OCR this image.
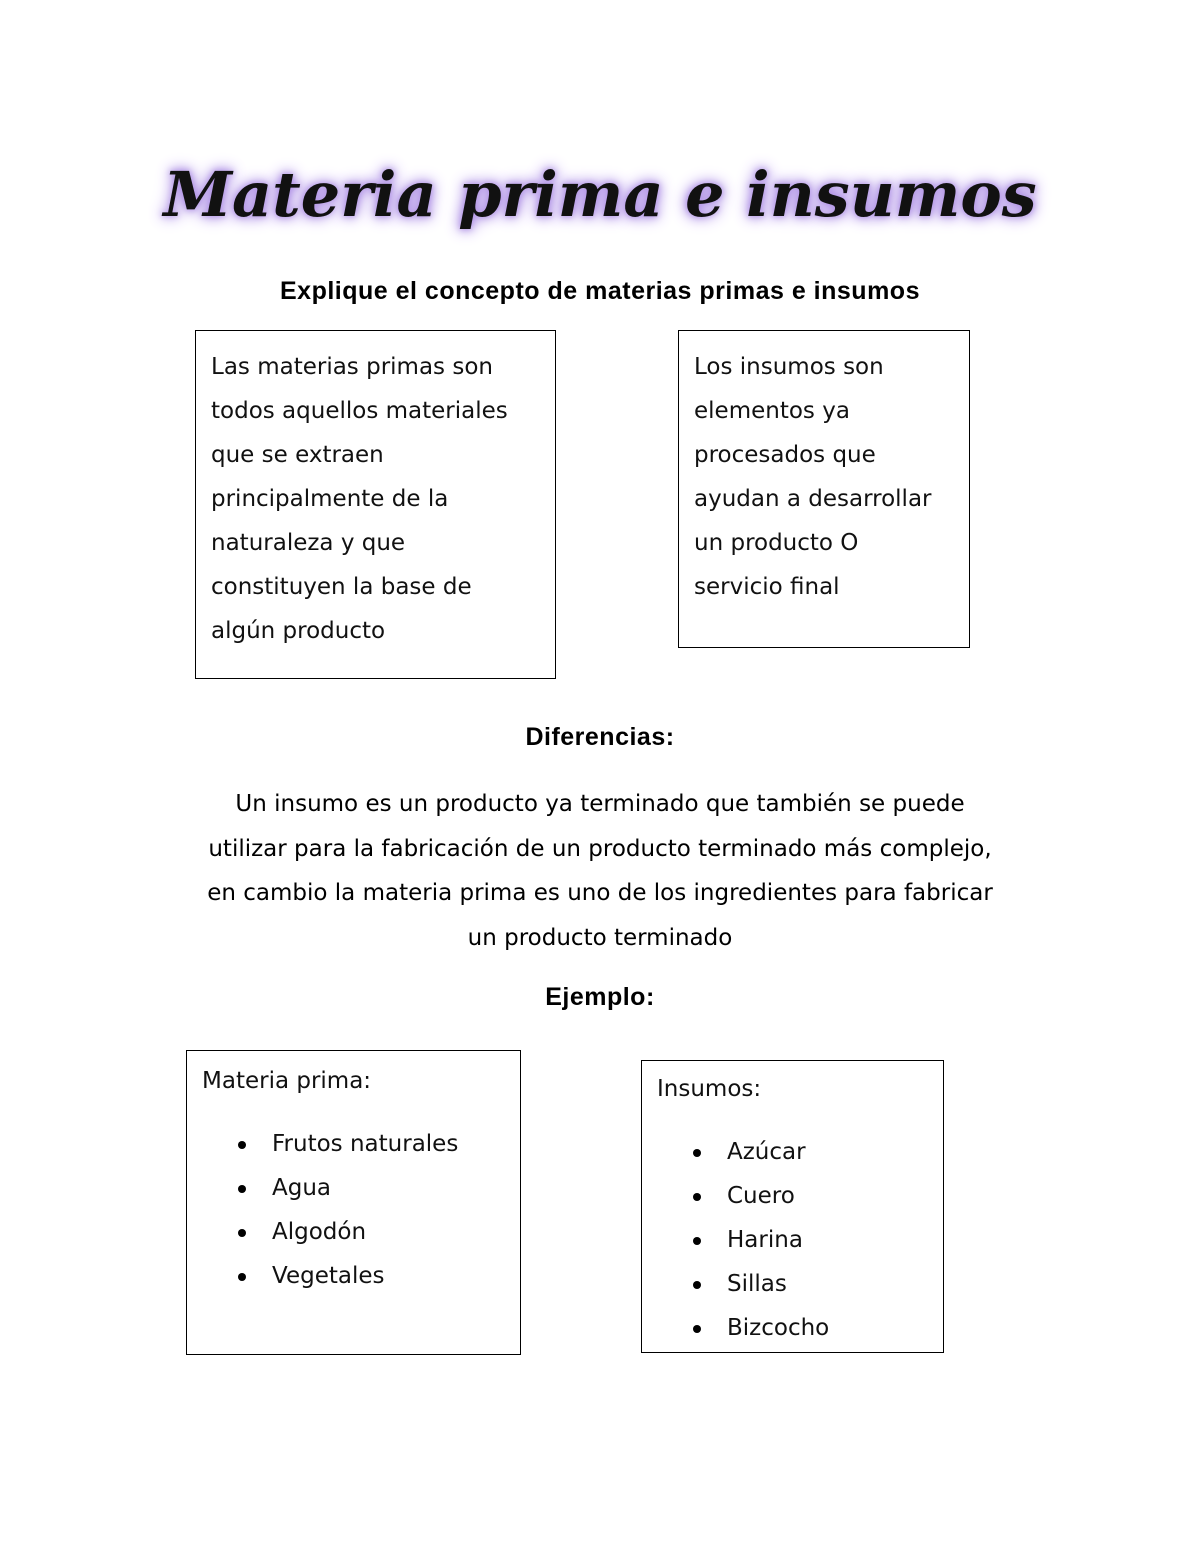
Materia prima e insumos
Explique el concepto de materias primas e insumos

Las materias primas son

todos aquellos materiales

que se extraen

principalmente de la

naturaleza y que

constituyen la base de

algún producto

Los insumos son

elementos ya

procesados que

ayudan a desarrollar

un producto O

servicio final

Diferencias:
Un insumo es un producto ya terminado que también se puede
utilizar para la fabricación de un producto terminado más complejo,
en cambio la materia prima es uno de los ingredientes para fabricar
un producto terminado
Ejemplo:

Materia prima:

Frutos naturales
Agua
Algodón
Vegetales

Insumos:

Azúcar
Cuero
Harina
Sillas
Bizcocho
